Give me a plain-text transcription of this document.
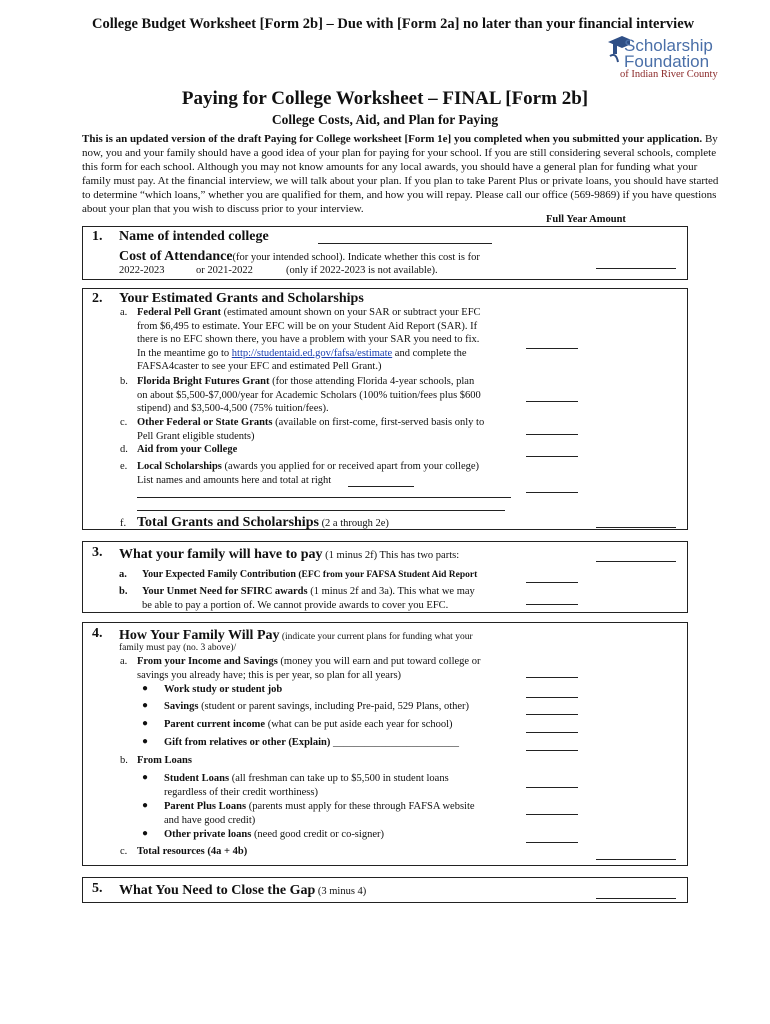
College Budget Worksheet [Form 2b] – Due with [Form 2a] no later than your financial interview
Scholarship
Foundation
of Indian River County
Paying for College Worksheet – FINAL [Form 2b]
College Costs, Aid, and Plan for Paying
This is an updated version of the draft Paying for College worksheet [Form 1e] you completed when you submitted your application. By now, you and your family should have a good idea of your plan for paying for your school. If you are still considering several schools, complete this form for each school. Although you may not know amounts for any local awards, you should have a general plan for funding what your family must pay. At the financial interview, we will talk about your plan. If you plan to take Parent Plus or private loans, you should have started to determine “which loans,” whether you are qualified for them, and how you will repay. Please call our office (569-9869) if you have questions about your plan that you wish to discuss prior to your interview.
Full Year Amount
1. Name of intended college
Cost of Attendance(for your intended school). Indicate whether this cost is for
2022-2023	or 2021-2022	(only if 2022-2023 is not available).
2. Your Estimated Grants and Scholarships
a. Federal Pell Grant (estimated amount shown on your SAR or subtract your EFC
from $6,495 to estimate. Your EFC will be on your Student Aid Report (SAR). If
there is no EFC shown there, you have a problem with your SAR you need to fix.
In the meantime go to http://studentaid.ed.gov/fafsa/estimate and complete the
FAFSA4caster to see your EFC and estimated Pell Grant.)
b. Florida Bright Futures Grant (for those attending Florida 4-year schools, plan
on about $5,500-$7,000/year for Academic Scholars (100% tuition/fees plus $600
stipend) and $3,500-4,500 (75% tuition/fees).
c. Other Federal or State Grants (available on first-come, first-served basis only to
Pell Grant eligible students)
d. Aid from your College
e. Local Scholarships (awards you applied for or received apart from your college)
List names and amounts here and total at right
f. Total Grants and Scholarships (2 a through 2e)
3. What your family will have to pay (1 minus 2f) This has two parts:
a. Your Expected Family Contribution (EFC from your FAFSA Student Aid Report
b. Your Unmet Need for SFIRC awards (1 minus 2f and 3a). This what we may
be able to pay a portion of. We cannot provide awards to cover you EFC.
4. How Your Family Will Pay (indicate your current plans for funding what your
family must pay (no. 3 above)/
a. From your Income and Savings (money you will earn and put toward college or
savings you already have; this is per year, so plan for all years)
● Work study or student job
● Savings (student or parent savings, including Pre-paid, 529 Plans, other)
● Parent current income (what can be put aside each year for school)
● Gift from relatives or other (Explain) ________________________
b. From Loans
● Student Loans (all freshman can take up to $5,500 in student loans
regardless of their credit worthiness)
● Parent Plus Loans (parents must apply for these through FAFSA website
and have good credit)
● Other private loans (need good credit or co-signer)
c. Total resources (4a + 4b)
5. What You Need to Close the Gap (3 minus 4)
